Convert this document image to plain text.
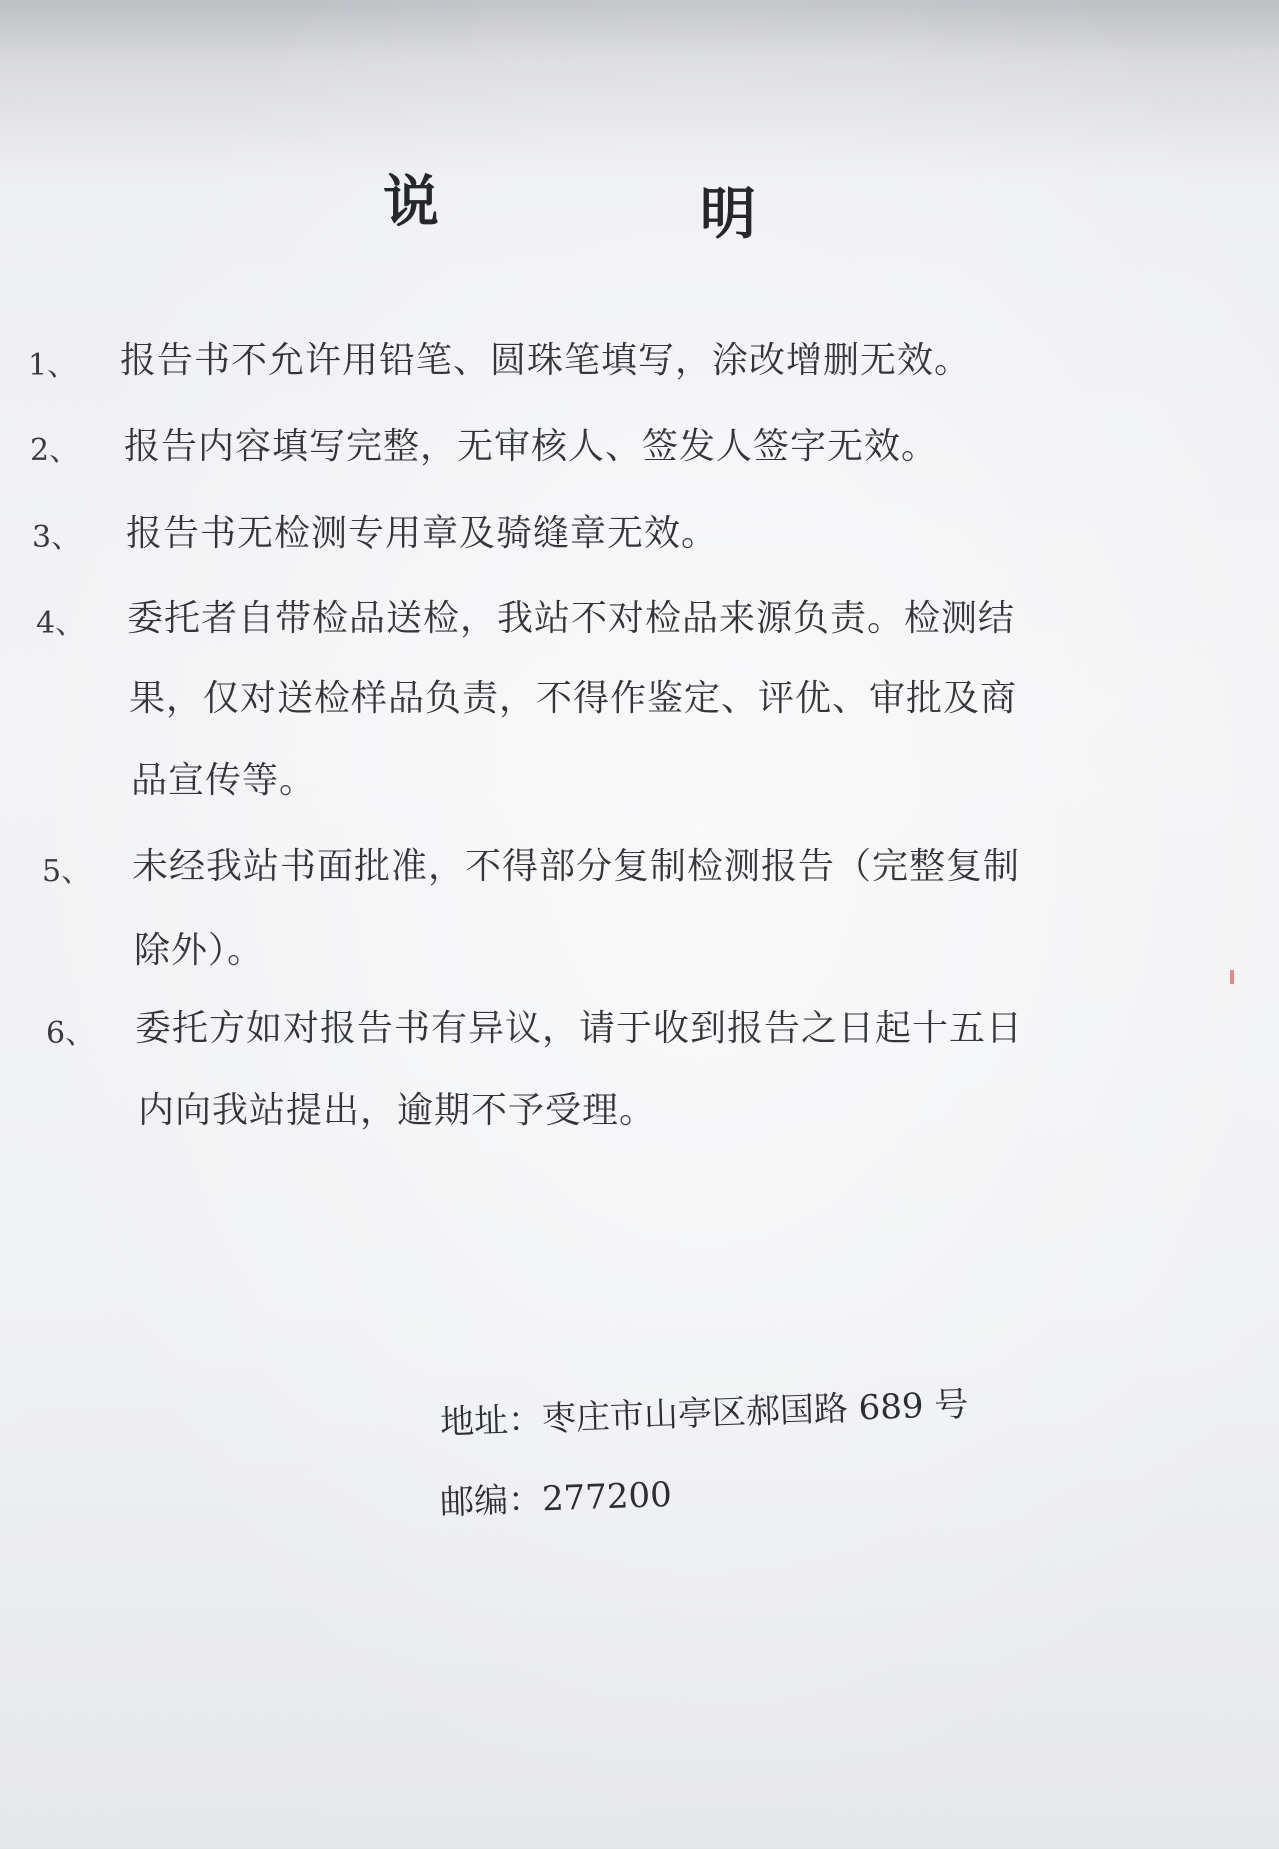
说	明
1、 报告书不允许用铅笔、圆珠笔填写，涂改增删无效。
2、 报告内容填写完整，无审核人、签发人签字无效。
3、 报告书无检测专用章及骑缝章无效。
4、 委托者自带检品送检，我站不对检品来源负责。检测结
果，仅对送检样品负责，不得作鉴定、评优、审批及商
品宣传等。
5、 未经我站书面批准，不得部分复制检测报告（完整复制
除外）。
6、 委托方如对报告书有异议，请于收到报告之日起十五日
内向我站提出，逾期不予受理。
地址：枣庄市山亭区郝国路 689 号
邮编：277200
